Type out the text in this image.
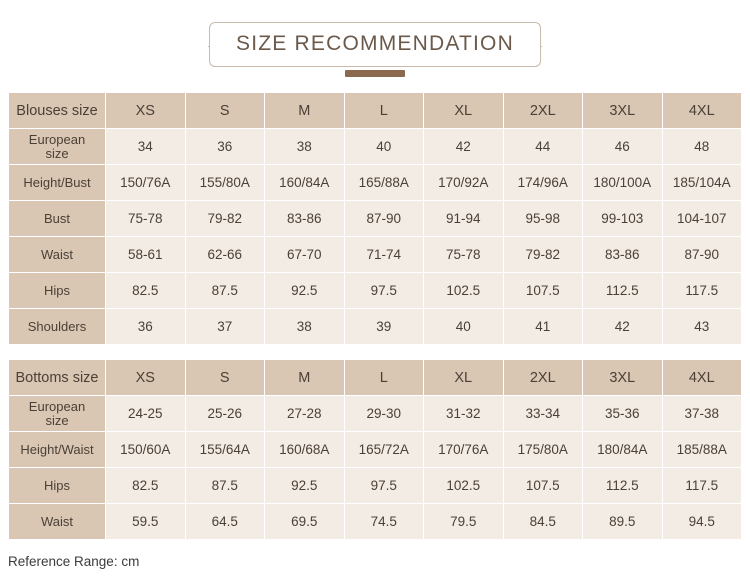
SIZE RECOMMENDATION
Blouses size	XS	S	M	L	XL	2XL	3XL	4XL

European
size	34	36	38	40	42	44	46	48
Height/Bust	150/76A	155/80A	160/84A	165/88A	170/92A	174/96A	180/100A	185/104A
Bust	75-78	79-82	83-86	87-90	91-94	95-98	99-103	104-107
Waist	58-61	62-66	67-70	71-74	75-78	79-82	83-86	87-90
Hips	82.5	87.5	92.5	97.5	102.5	107.5	112.5	117.5
Shoulders	36	37	38	39	40	41	42	43
Bottoms size	XS	S	M	L	XL	2XL	3XL	4XL

European
size	24-25	25-26	27-28	29-30	31-32	33-34	35-36	37-38
Height/Waist	150/60A	155/64A	160/68A	165/72A	170/76A	175/80A	180/84A	185/88A
Hips	82.5	87.5	92.5	97.5	102.5	107.5	112.5	117.5
Waist	59.5	64.5	69.5	74.5	79.5	84.5	89.5	94.5
Reference Range: cm
